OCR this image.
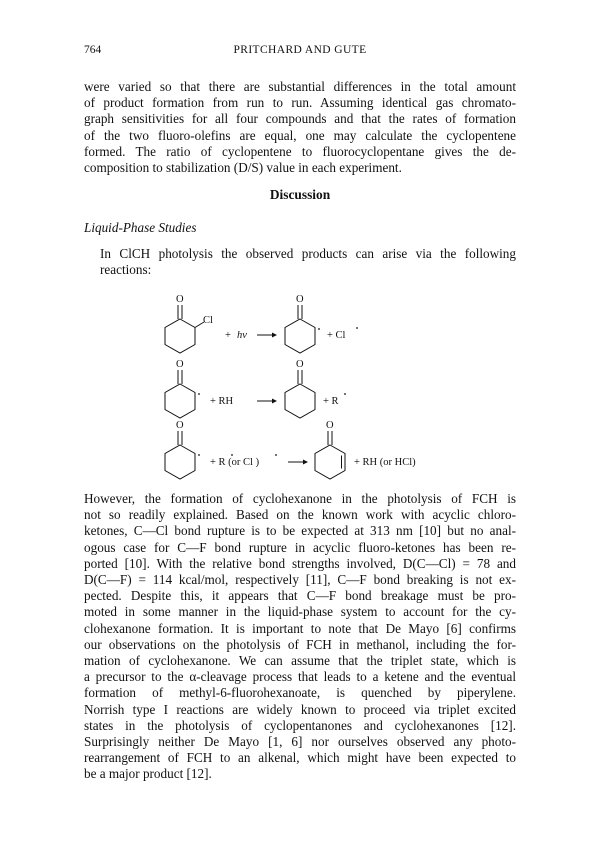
764	PRITCHARD AND GUTE

were varied so that there are substantial differences in the total amount
of product formation from run to run. Assuming identical gas chromato-
graph sensitivities for all four compounds and that the rates of formation
of the two fluoro-olefins are equal, one may calculate the cyclopentene
formed. The ratio of cyclopentene to fluorocyclopentane gives the de-
composition to stabilization (D/S) value in each experiment.

Discussion
Liquid-Phase Studies

In ClCH photolysis the observed products can arise via the following
reactions:

O
Cl
+ hν
O
+ Cl
O
+ RH
O
+ R
O
+ R (or Cl )
O
+ RH (or HCl)

However, the formation of cyclohexanone in the photolysis of FCH is
not so readily explained. Based on the known work with acyclic chloro-
ketones, C—Cl bond rupture is to be expected at 313 nm [10] but no anal-
ogous case for C—F bond rupture in acyclic fluoro-ketones has been re-
ported [10]. With the relative bond strengths involved, D(C—Cl) = 78 and
D(C—F) = 114 kcal/mol, respectively [11], C—F bond breaking is not ex-
pected. Despite this, it appears that C—F bond breakage must be pro-
moted in some manner in the liquid-phase system to account for the cy-
clohexanone formation. It is important to note that De Mayo [6] confirms
our observations on the photolysis of FCH in methanol, including the for-
mation of cyclohexanone. We can assume that the triplet state, which is
a precursor to the α-cleavage process that leads to a ketene and the eventual
formation of methyl-6-fluorohexanoate, is quenched by piperylene.
Norrish type I reactions are widely known to proceed via triplet excited
states in the photolysis of cyclopentanones and cyclohexanones [12].
Surprisingly neither De Mayo [1, 6] nor ourselves observed any photo-
rearrangement of FCH to an alkenal, which might have been expected to
be a major product [12].
